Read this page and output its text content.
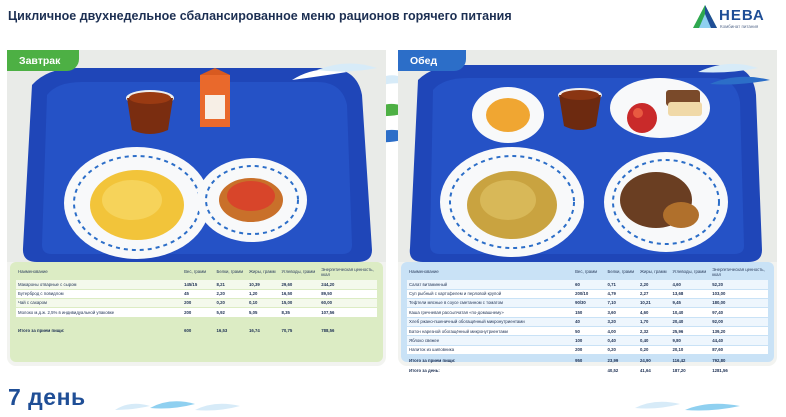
Цикличное двухнедельное сбалансированное меню рационов горячего питания	НЕВА
Комбинат питания
Завтрак
Наименование	Вес, грамм	Белки, грамм	Жиры, грамм	Углеводы, грамм	Энергетическая ценность, ккал
Макароны отварные с сыром	145/15	8,21	10,39	29,60	244,20
Бутерброд с повидлом	45	2,20	1,20	16,50	89,50
Чай с сахаром	200	0,20	0,10	15,00	60,00
Молоко м.д.ж. 2,5% в индивидуальной упаковке	200	5,92	5,05	8,35	107,56

Итого за прием пищи:	600	16,53	16,74	70,75	788,56
Обед
Наименование	Вес, грамм	Белки, грамм	Жиры, грамм	Углеводы, грамм	Энергетическая ценность, ккал
Салат витаминный	60	0,71	2,20	4,60	52,20
Суп рыбный с картофелем и перловой крупой	200/10	4,79	2,27	13,68	103,00
Тефтели мясные в соусе сметанном с томатом	90/30	7,10	10,21	9,45	180,00
Каша гречневая рассыпчатая «по-домашнему»	150	3,60	4,60	10,40	97,40
Хлеб ржано-пшеничный обогащённый микронутриентами	40	3,20	1,70	20,40	92,00
Батон нарезной обогащённый микронутриентами	50	4,00	2,32	25,96	139,20
Яблоко свежее	100	0,40	0,40	9,80	44,40
Напиток из шиповника	200	0,20	0,20	20,10	87,60
Итого за прием пищи:	950	23,99	24,90	116,42	792,80
Итого за день:		40,52	41,64	187,20	1281,56
7 день
